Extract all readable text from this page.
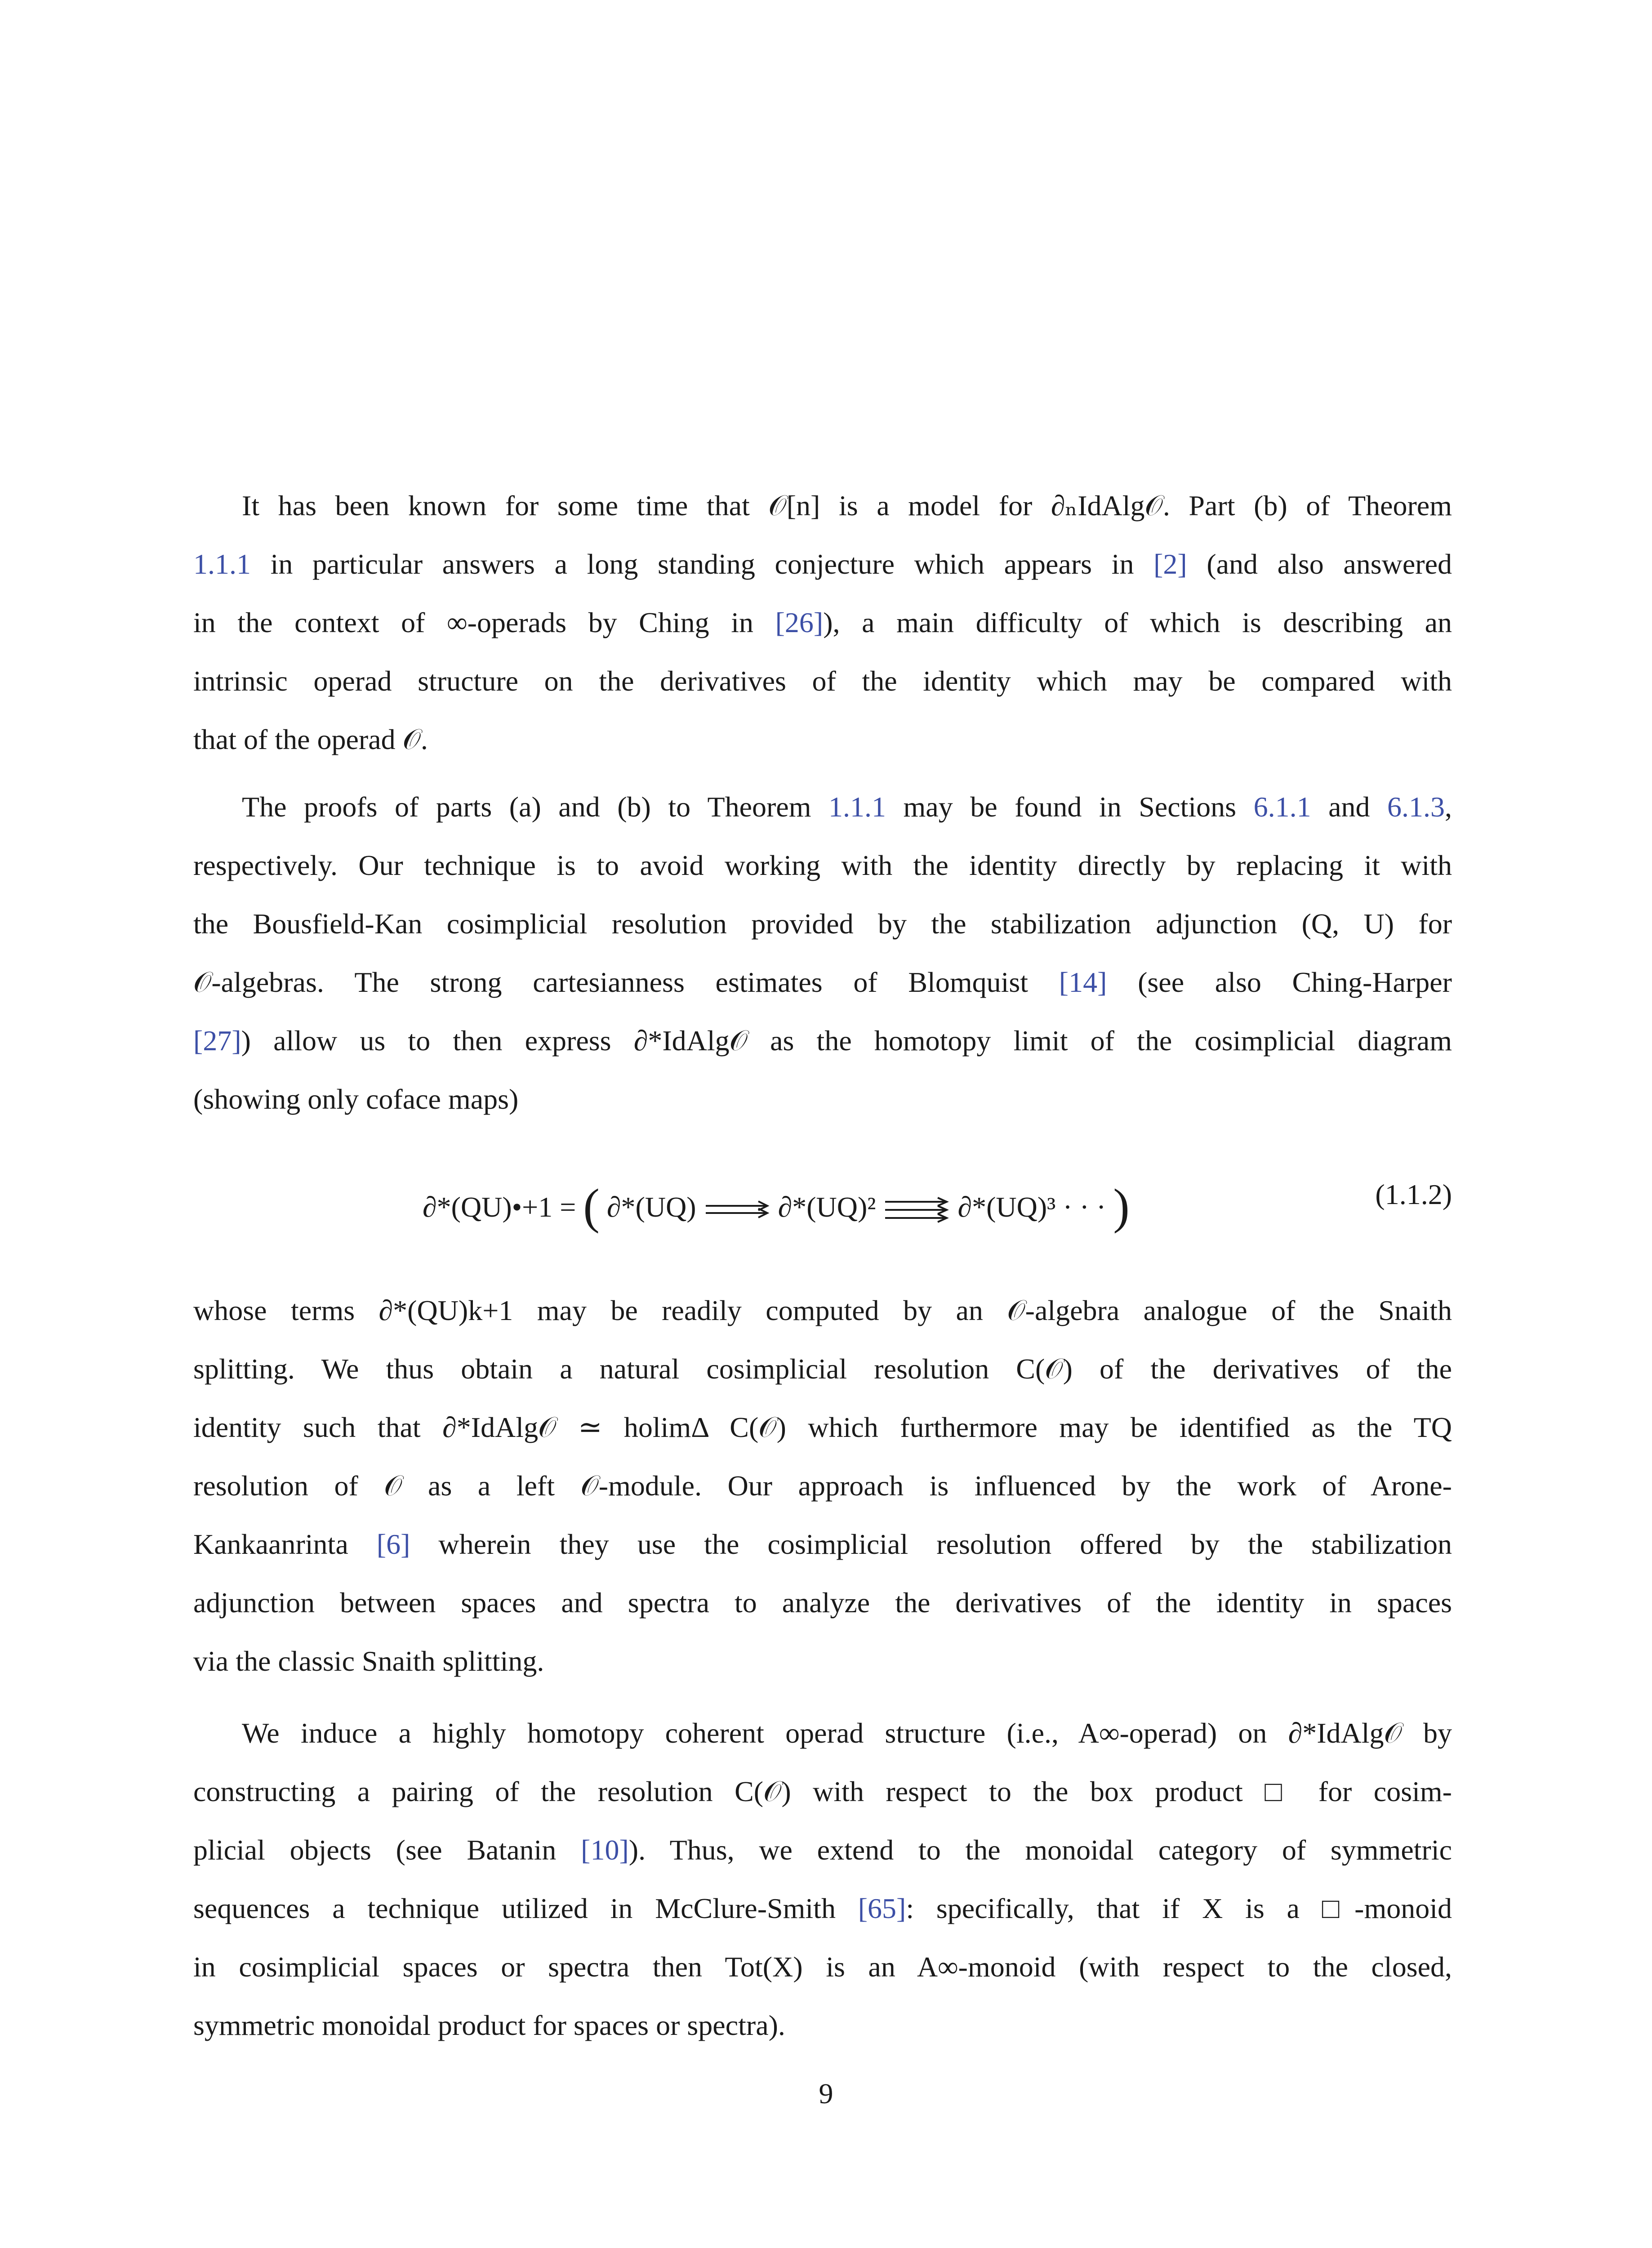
It has been known for some time that 𝒪[n] is a model for ∂ₙIdAlg𝒪. Part (b) of Theorem
1.1.1 in particular answers a long standing conjecture which appears in [2] (and also answered
in the context of ∞-operads by Ching in [26]), a main difficulty of which is describing an
intrinsic operad structure on the derivatives of the identity which may be compared with
that of the operad 𝒪.
The proofs of parts (a) and (b) to Theorem 1.1.1 may be found in Sections 6.1.1 and 6.1.3,
respectively. Our technique is to avoid working with the identity directly by replacing it with
the Bousfield-Kan cosimplicial resolution provided by the stabilization adjunction (Q, U) for
𝒪-algebras. The strong cartesianness estimates of Blomquist [14] (see also Ching-Harper
[27]) allow us to then express ∂*IdAlg𝒪 as the homotopy limit of the cosimplicial diagram
(showing only coface maps)
∂*(QU)•+1 = ( ∂*(UQ)	∂*(UQ)²	∂*(UQ)³ · · · )	(1.1.2)
whose terms ∂*(QU)k+1 may be readily computed by an 𝒪-algebra analogue of the Snaith
splitting. We thus obtain a natural cosimplicial resolution C(𝒪) of the derivatives of the
identity such that ∂*IdAlg𝒪 ≃ holimΔ C(𝒪) which furthermore may be identified as the TQ
resolution of 𝒪 as a left 𝒪-module. Our approach is influenced by the work of Arone-
Kankaanrinta [6] wherein they use the cosimplicial resolution offered by the stabilization
adjunction between spaces and spectra to analyze the derivatives of the identity in spaces
via the classic Snaith splitting.
We induce a highly homotopy coherent operad structure (i.e., A∞-operad) on ∂*IdAlg𝒪 by
constructing a pairing of the resolution C(𝒪) with respect to the box product □ for cosim-
plicial objects (see Batanin [10]). Thus, we extend to the monoidal category of symmetric
sequences a technique utilized in McClure-Smith [65]: specifically, that if X is a □-monoid
in cosimplicial spaces or spectra then Tot(X) is an A∞-monoid (with respect to the closed,
symmetric monoidal product for spaces or spectra).
9
